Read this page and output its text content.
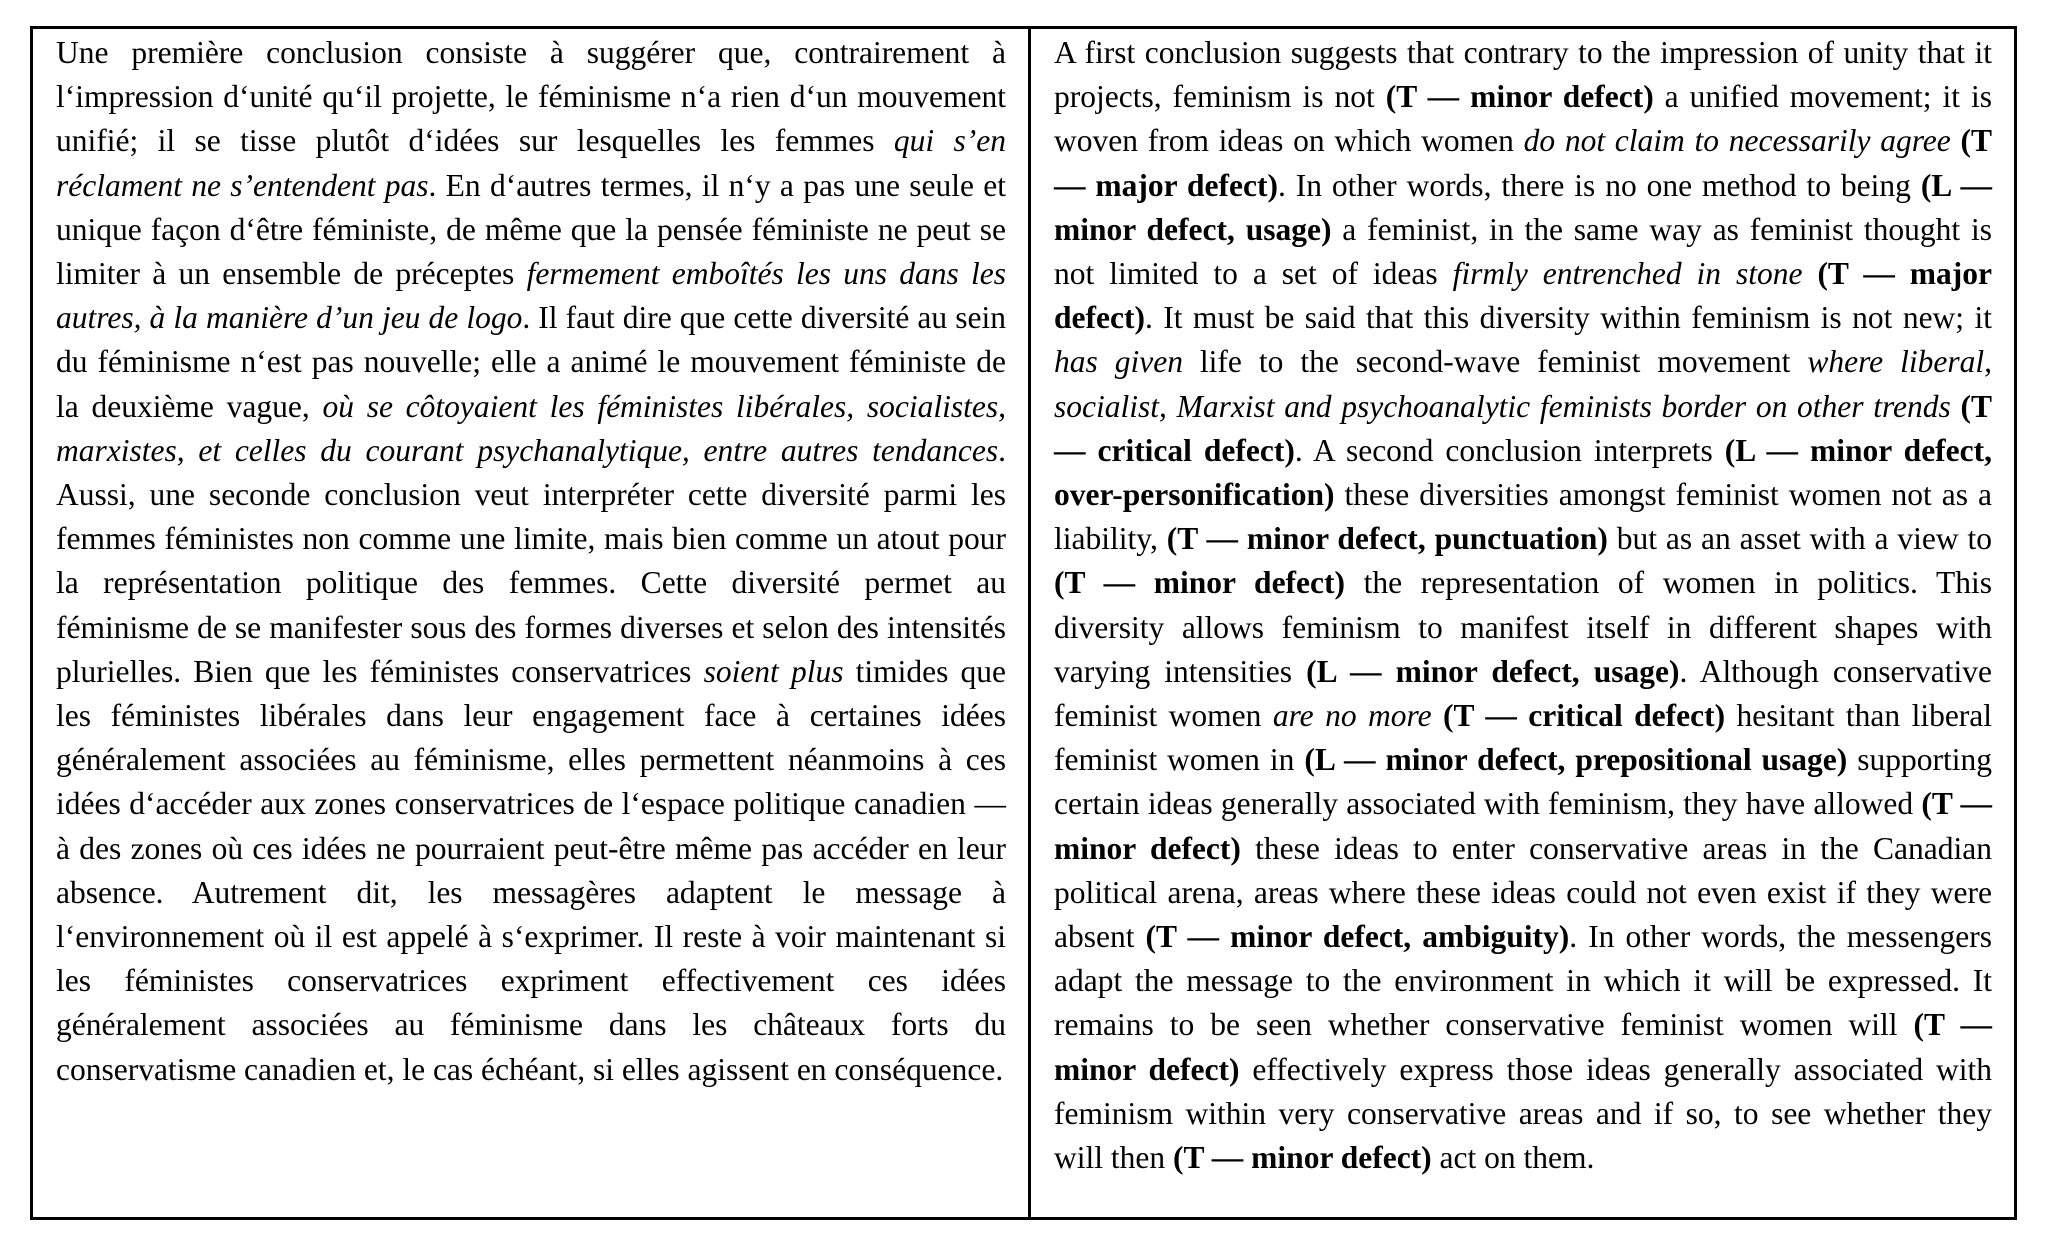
Une première conclusion consiste à suggérer que, contrairement à l‘impression d‘unité qu‘il projette, le féminisme n‘a rien d‘un mouvement unifié; il se tisse plutôt d‘idées sur lesquelles les femmes qui s’en réclament ne s’entendent pas. En d‘autres termes, il n‘y a pas une seule et unique façon d‘être féministe, de même que la pensée féministe ne peut se limiter à un ensemble de préceptes fermement emboîtés les uns dans les autres, à la manière d’un jeu de logo. Il faut dire que cette diversité au sein du féminisme n‘est pas nouvelle; elle a animé le mouvement féministe de la deuxième vague, où se côtoyaient les féministes libérales, socialistes, marxistes, et celles du courant psychanalytique, entre autres tendances. Aussi, une seconde conclusion veut interpréter cette diversité parmi les femmes féministes non comme une limite, mais bien comme un atout pour la représentation politique des femmes. Cette diversité permet au féminisme de se manifester sous des formes diverses et selon des intensités plurielles. Bien que les féministes conservatrices soient plus timides que les féministes libérales dans leur engagement face à certaines idées généralement associées au féminisme, elles permettent néanmoins à ces idées d‘accéder aux zones conservatrices de l‘espace politique canadien — à des zones où ces idées ne pourraient peut-être même pas accéder en leur absence. Autrement dit, les messagères adaptent le message à l‘environnement où il est appelé à s‘exprimer. Il reste à voir maintenant si les féministes conservatrices expriment effectivement ces idées généralement associées au féminisme dans les châteaux forts du conservatisme canadien et, le cas échéant, si elles agissent en conséquence.
A first conclusion suggests that contrary to the impression of unity that it projects, feminism is not (T — minor defect) a unified movement; it is woven from ideas on which women do not claim to necessarily agree (T — major defect). In other words, there is no one method to being (L — minor defect, usage) a feminist, in the same way as feminist thought is not limited to a set of ideas firmly entrenched in stone (T — major defect). It must be said that this diversity within feminism is not new; it has given life to the second-wave feminist movement where liberal, socialist, Marxist and psychoanalytic feminists border on other trends (T — critical defect). A second conclusion interprets (L — minor defect, over-personification) these diversities amongst feminist women not as a liability, (T — minor defect, punctuation) but as an asset with a view to (T — minor defect) the representation of women in politics. This diversity allows feminism to manifest itself in different shapes with varying intensities (L — minor defect, usage). Although conservative feminist women are no more (T — critical defect) hesitant than liberal feminist women in (L — minor defect, prepositional usage) supporting certain ideas generally associated with feminism, they have allowed (T — minor defect) these ideas to enter conservative areas in the Canadian political arena, areas where these ideas could not even exist if they were absent (T — minor defect, ambiguity). In other words, the messengers adapt the message to the environment in which it will be expressed. It remains to be seen whether conservative feminist women will (T — minor defect) effectively express those ideas generally associated with feminism within very conservative areas and if so, to see whether they will then (T — minor defect) act on them.
